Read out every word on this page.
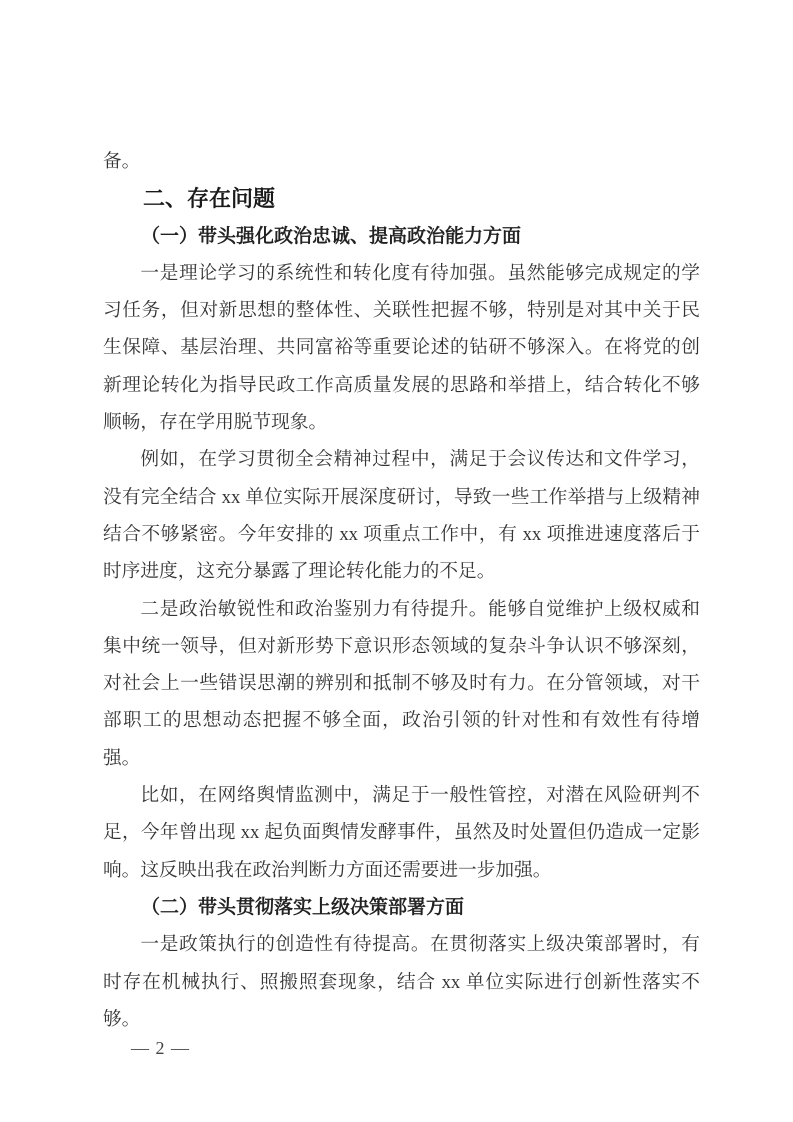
备。

二、存在问题
（一）带头强化政治忠诚、提高政治能力方面

一是理论学习的系统性和转化度有待加强。虽然能够完成规定的学习任务，但对新思想的整体性、关联性把握不够，特别是对其中关于民生保障、基层治理、共同富裕等重要论述的钻研不够深入。在将党的创新理论转化为指导民政工作高质量发展的思路和举措上，结合转化不够顺畅，存在学用脱节现象。

例如，在学习贯彻全会精神过程中，满足于会议传达和文件学习，没有完全结合 xx 单位实际开展深度研讨，导致一些工作举措与上级精神结合不够紧密。今年安排的 xx 项重点工作中，有 xx 项推进速度落后于时序进度，这充分暴露了理论转化能力的不足。

二是政治敏锐性和政治鉴别力有待提升。能够自觉维护上级权威和集中统一领导，但对新形势下意识形态领域的复杂斗争认识不够深刻，对社会上一些错误思潮的辨别和抵制不够及时有力。在分管领域，对干部职工的思想动态把握不够全面，政治引领的针对性和有效性有待增强。

比如，在网络舆情监测中，满足于一般性管控，对潜在风险研判不足，今年曾出现 xx 起负面舆情发酵事件，虽然及时处置但仍造成一定影响。这反映出我在政治判断力方面还需要进一步加强。

（二）带头贯彻落实上级决策部署方面

一是政策执行的创造性有待提高。在贯彻落实上级决策部署时，有时存在机械执行、照搬照套现象，结合 xx 单位实际进行创新性落实不够。

— 2 —
